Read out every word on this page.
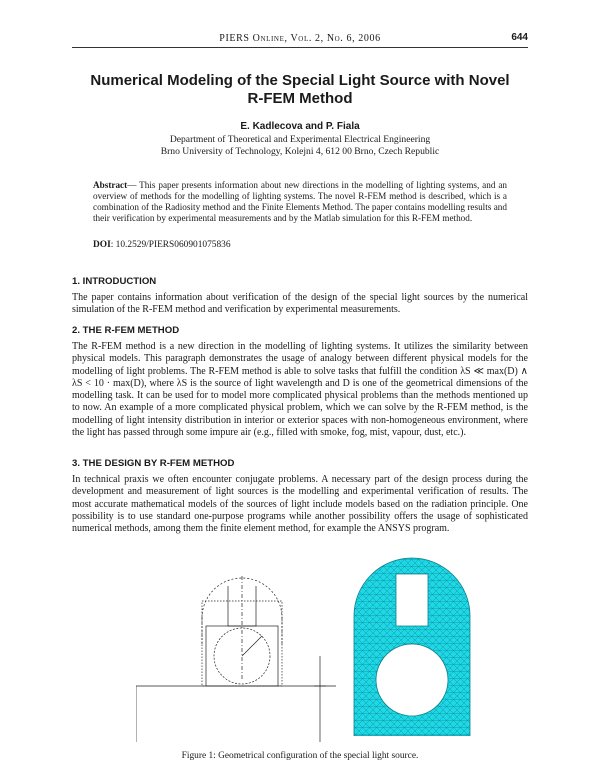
PIERS Online, Vol. 2, No. 6, 2006	644
Numerical Modeling of the Special Light Source with Novel
R-FEM Method
E. Kadlecova and P. Fiala
Department of Theoretical and Experimental Electrical Engineering
Brno University of Technology, Kolejni 4, 612 00 Brno, Czech Republic
Abstract— This paper presents information about new directions in the modelling of lighting systems, and an overview of methods for the modelling of lighting systems. The novel R-FEM method is described, which is a combination of the Radiosity method and the Finite Elements Method. The paper contains modelling results and their verification by experimental measurements and by the Matlab simulation for this R-FEM method.
DOI: 10.2529/PIERS060901075836
1. INTRODUCTION
The paper contains information about verification of the design of the special light sources by the numerical simulation of the R-FEM method and verification by experimental measurements.
2. THE R-FEM METHOD
The R-FEM method is a new direction in the modelling of lighting systems. It utilizes the similarity between physical models. This paragraph demonstrates the usage of analogy between different physical models for the modelling of light problems. The R-FEM method is able to solve tasks that fulfill the condition λS ≪ max(D) ∧ λS < 10 · max(D), where λS is the source of light wavelength and D is one of the geometrical dimensions of the modelling task. It can be used for to model more complicated physical problems than the methods mentioned up to now. An example of a more complicated physical problem, which we can solve by the R-FEM method, is the modelling of light intensity distribution in interior or exterior spaces with non-homogeneous environment, where the light has passed through some impure air (e.g., filled with smoke, fog, mist, vapour, dust, etc.).
3. THE DESIGN BY R-FEM METHOD
In technical praxis we often encounter conjugate problems. A necessary part of the design process during the development and measurement of light sources is the modelling and experimental verification of results. The most accurate mathematical models of the sources of light include models based on the radiation principle. One possibility is to use standard one-purpose programs while another possibility offers the usage of sophisticated numerical methods, among them the finite element method, for example the ANSYS program.
Figure 1: Geometrical configuration of the special light source.
